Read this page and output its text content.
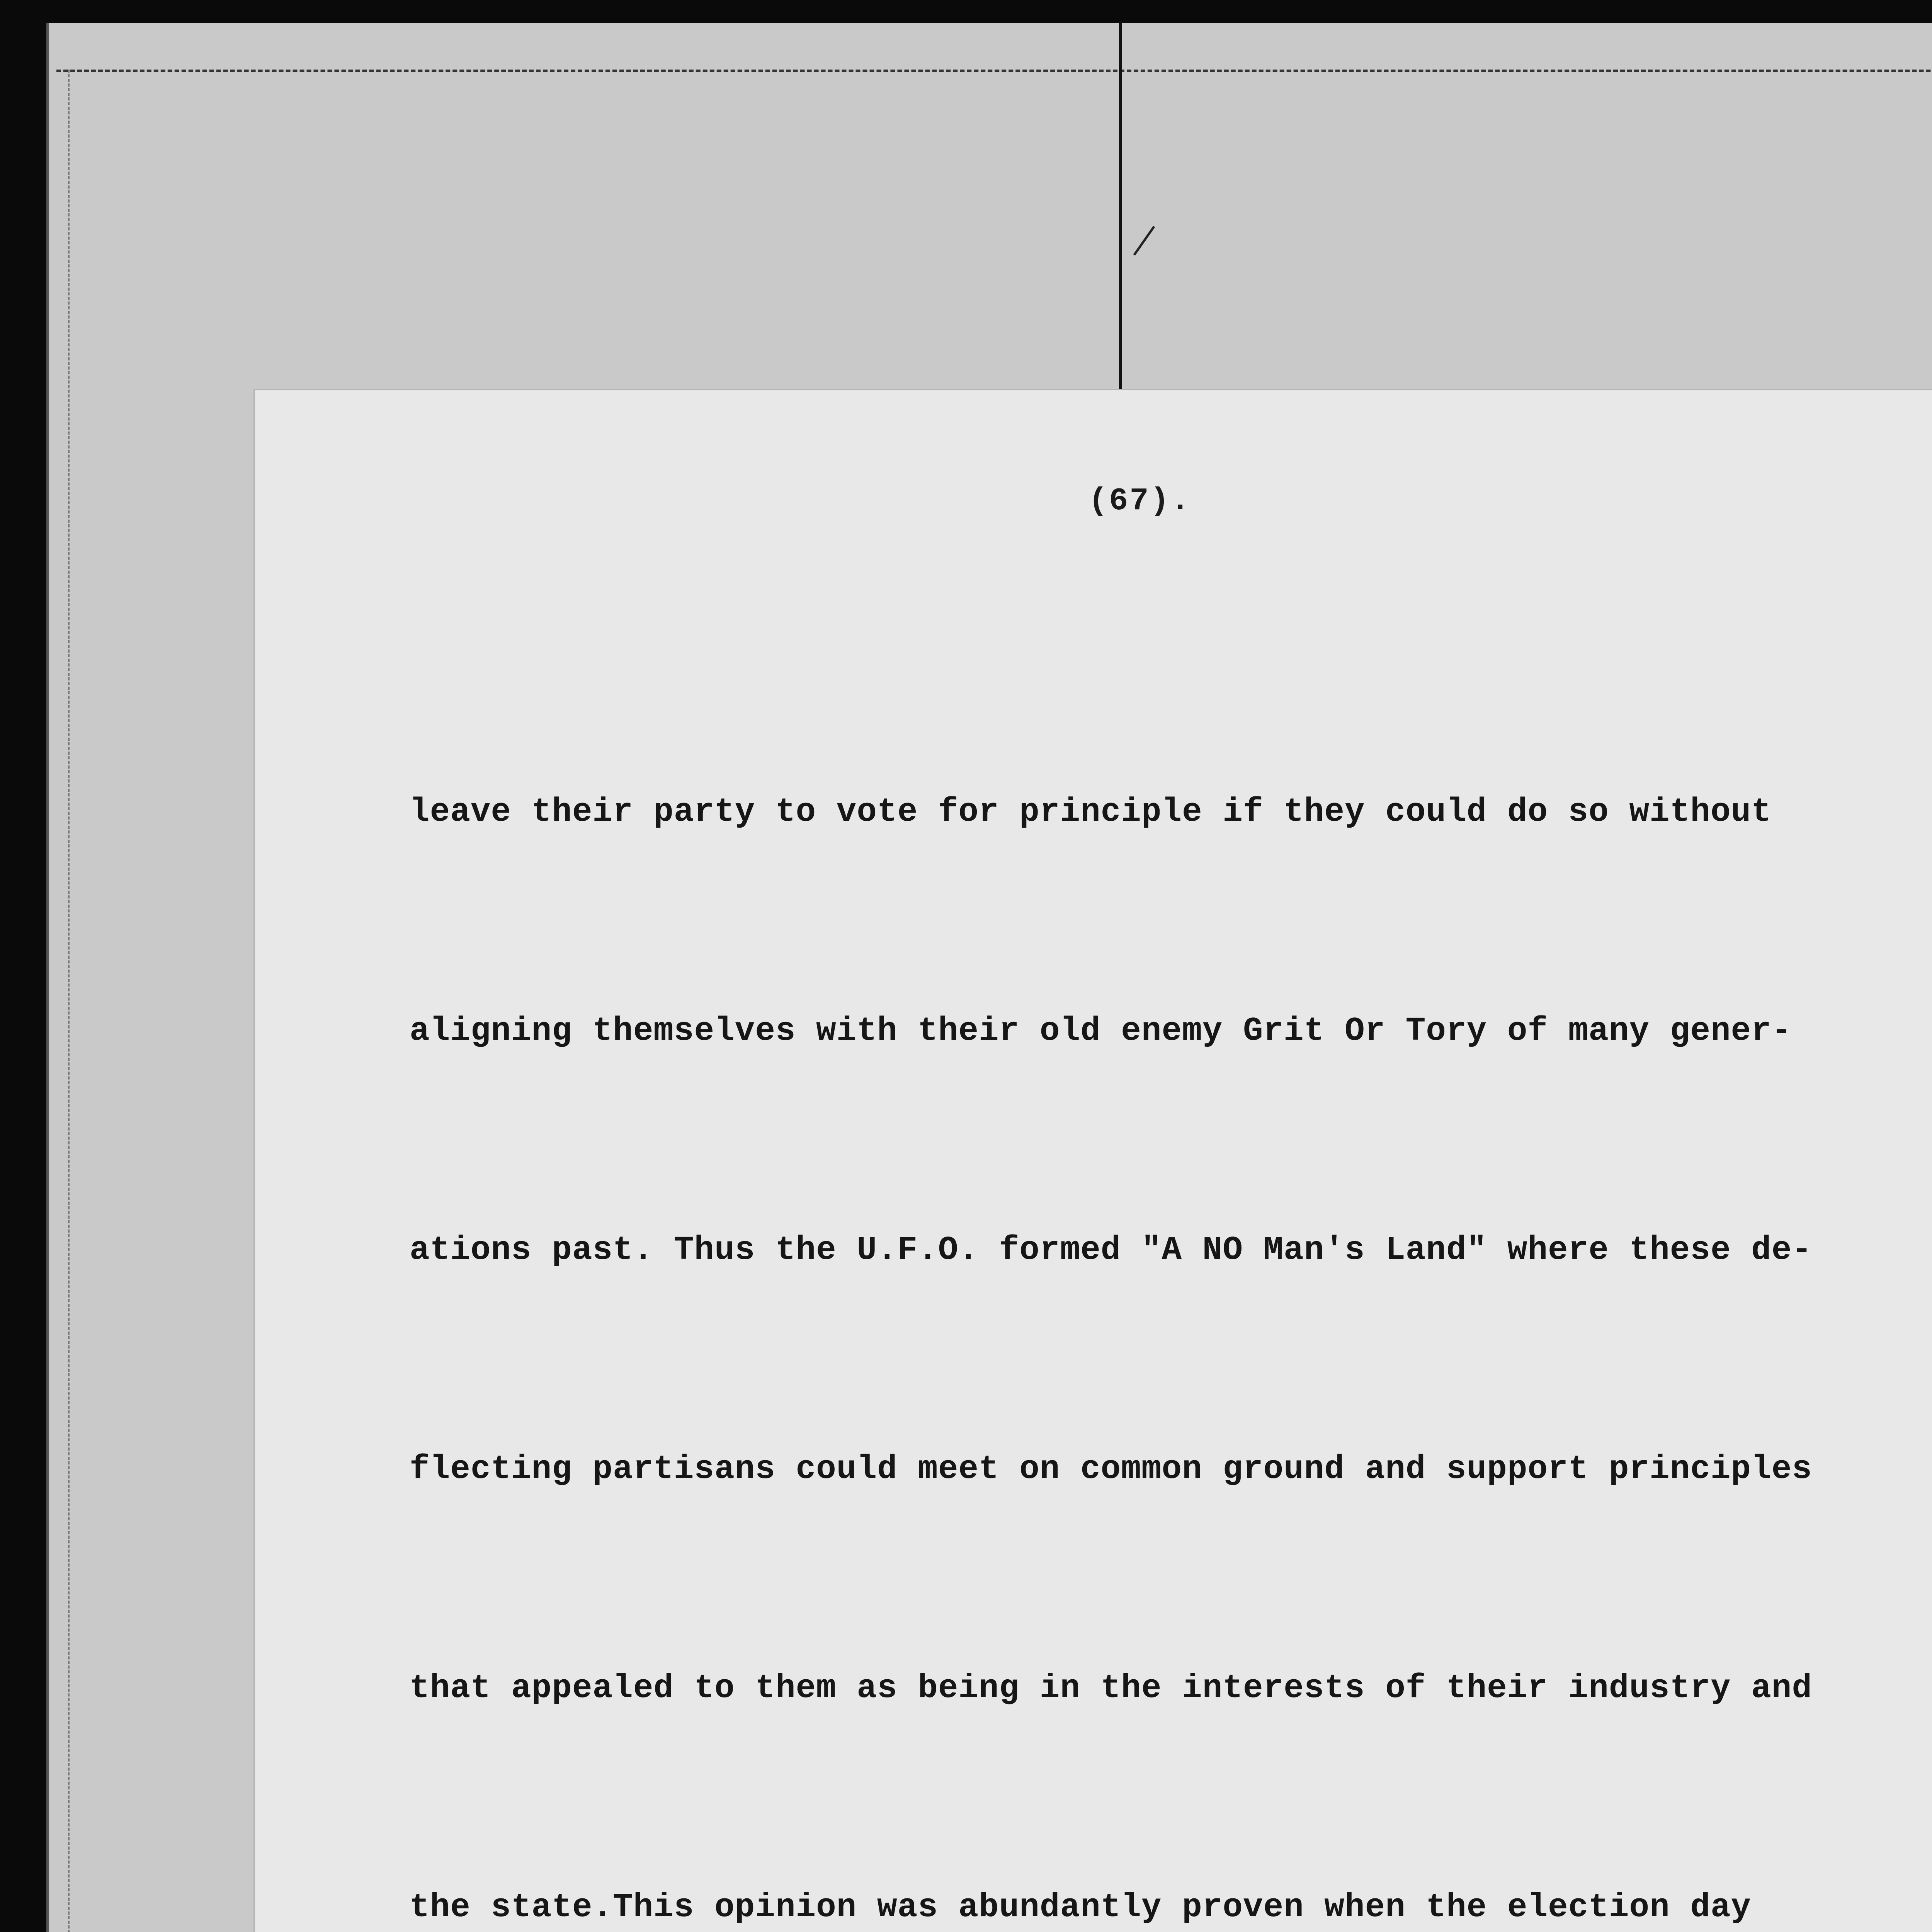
(67).

leave their party to vote for principle if they could do so without

aligning themselves with their old enemy Grit Or Tory of many gener-

ations past. Thus the U.F.O. formed "A NO Man's Land" where these de-

flecting partisans could meet on common ground and support principles

that appealed to them as being in the interests of their industry and

the state.This opinion was abundantly proven when the election day
